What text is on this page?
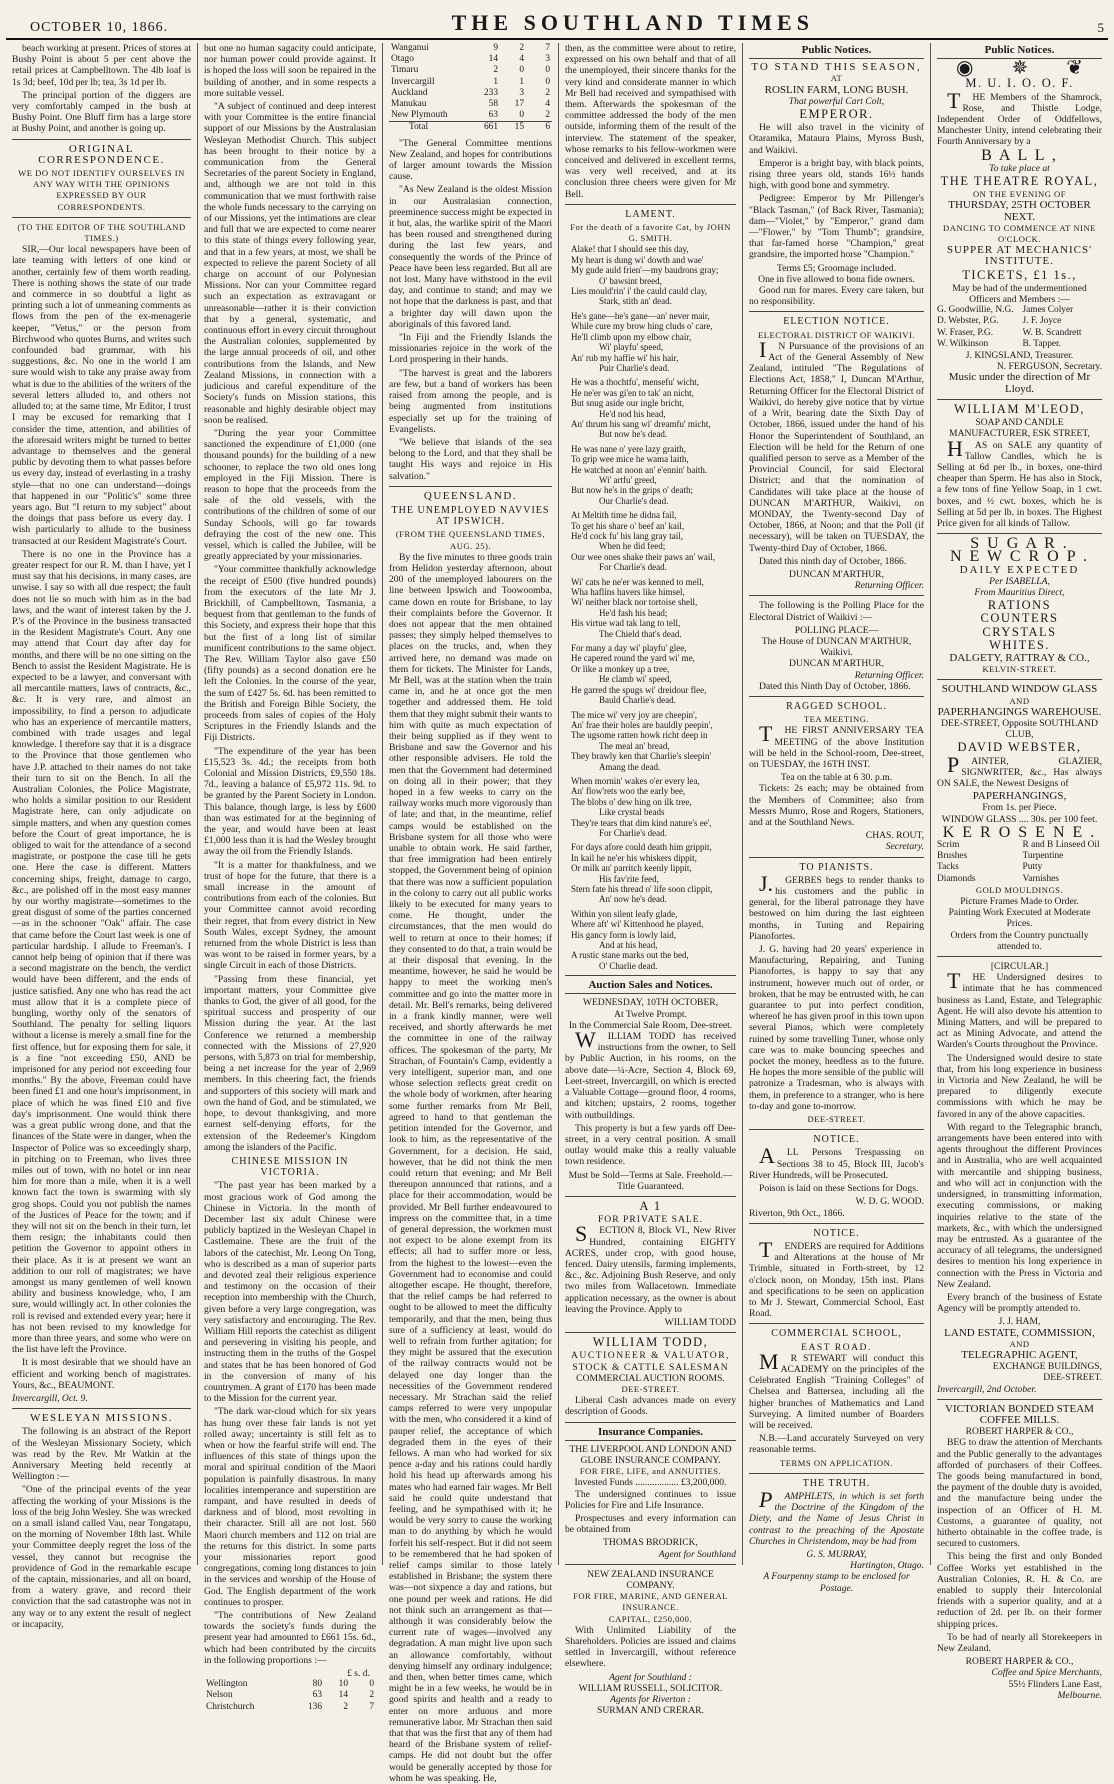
OCTOBER 10, 1866.	THE SOUTHLAND TIMES	5

beach working at present. Prices of stores at Bushy Point is about 5 per cent above the retail prices at Campbelltown. The 4lb loaf is 1s 3d; beef, 10d per lb; tea, 3s 1d per lb.

The principal portion of the diggers are very comfortably camped in the bush at Bushy Point. One Bluff firm has a large store at Bushy Point, and another is going up.

ORIGINAL CORRESPONDENCE.
WE DO NOT IDENTIFY OURSELVES IN ANY WAY WITH THE OPINIONS EXPRESSED BY OUR CORRESPONDENTS.
(TO THE EDITOR OF THE SOUTHLAND TIMES.)

SIR,—Our local newspapers have been of late teaming with letters of one kind or another, certainly few of them worth reading. There is nothing shows the state of our trade and commerce in so doubtful a light as printing such a lot of unmeaning comments as flows from the pen of the ex-menagerie keeper, "Vetus," or the person from Birchwood who quotes Burns, and writes such confounded bad grammar, with his suggestions, &c. No one in the world I am sure would wish to take any praise away from what is due to the abilities of the writers of the several letters alluded to, and others not alluded to; at the same time, Mr Editor, I trust I may be excused for remarking that I consider the time, attention, and abilities of the aforesaid writers might be turned to better advantage to themselves and the general public by devoting them to what passes before us every day, instead of everlasting in a trashy style—that no one can understand—doings that happened in our "Politic's" some three years ago. But "I return to my subject" about the doings that pass before us every day. I wish particularly to allude to the business transacted at our Resident Magistrate's Court.

There is no one in the Province has a greater respect for our R. M. than I have, yet I must say that his decisions, in many cases, are unwise. I say so with all due respect; the fault does not lie so much with him as in the bad laws, and the want of interest taken by the J. P.'s of the Province in the business transacted in the Resident Magistrate's Court. Any one may attend that Court day after day for months, and there will be no one sitting on the Bench to assist the Resident Magistrate. He is expected to be a lawyer, and conversant with all mercantile matters, laws of contracts, &c., &c. It is very rare, and almost an impossibility, to find a person to adjudicate who has an experience of mercantile matters, combined with trade usages and legal knowledge. I therefore say that it is a disgrace to the Province that those gentlemen who have J.P. attached to their names do not take their turn to sit on the Bench. In all the Australian Colonies, the Police Magistrate, who holds a similar position to our Resident Magistrate here, can only adjudicate on simple matters, and when any question comes before the Court of great importance, he is obliged to wait for the attendance of a second magistrate, or postpone the case till he gets one. Here the case is different. Matters concerning ships, freight, damage to cargo, &c., are polished off in the most easy manner by our worthy magistrate—sometimes to the great disgust of some of the parties concerned—as in the schooner "Oak" affair. The case that came before the Court last week is one of particular hardship. I allude to Freeman's. I cannot help being of opinion that if there was a second magistrate on the bench, the verdict would have been different, and the ends of justice satisfied. Any one who has read the act must allow that it is a complete piece of bungling, worthy only of the senators of Southland. The penalty for selling liquors without a license is merely a small fine for the first offence, but for exposing them for sale, it is a fine "not exceeding £50, AND be imprisoned for any period not exceeding four months." By the above, Freeman could have been fined £1 and one hour's imprisonment, in place of which he was fined £10 and five day's imprisonment. One would think there was a great public wrong done, and that the finances of the State were in danger, when the Inspector of Police was so exceedingly sharp, in pitching on to Freeman, who lives three miles out of town, with no hotel or inn near him for more than a mile, when it is a well known fact the town is swarming with sly grog shops. Could you not publish the names of the Justices of Peace for the town; and if they will not sit on the bench in their turn, let them resign; the inhabitants could then petition the Governor to appoint others in their place. As it is at present we want an addition to our roll of magistrates; we have amongst us many gentlemen of well known ability and business knowledge, who, I am sure, would willingly act. In other colonies the roll is revised and extended every year; here it has not been revised to my knowledge for more than three years, and some who were on the list have left the Province.

It is most desirable that we should have an efficient and working bench of magistrates. Yours, &c., BEAUMONT.

Invercargill, Oct. 9.

WESLEYAN MISSIONS.

The following is an abstract of the Report of the Wesleyan Missionary Society, which was read by the Rev. Mr Watkin at the Anniversary Meeting held recently at Wellington :—

"One of the principal events of the year affecting the working of your Missions is the loss of the brig John Wesley. She was wrecked on a small island called Vau, near Tongatapu, on the morning of November 18th last. While your Committee deeply regret the loss of the vessel, they cannot but recognise the providence of God in the remarkable escape of the captain, missionaries, and all on board, from a watery grave, and record their conviction that the sad catastrophe was not in any way or to any extent the result of neglect or incapacity,

but one no human sagacity could anticipate, nor human power could provide against. It is hoped the loss will soon be repaired in the building of another, and in some respects a more suitable vessel.

"A subject of continued and deep interest with your Committee is the entire financial support of our Missions by the Australasian Wesleyan Methodist Church. This subject has been brought to their notice by a communication from the General Secretaries of the parent Society in England, and, although we are not told in this communication that we must forthwith raise the whole funds necessary to the carrying on of our Missions, yet the intimations are clear and full that we are expected to come nearer to this state of things every following year, and that in a few years, at most, we shall be expected to relieve the parent Society of all charge on account of our Polynesian Missions. Nor can your Committee regard such an expectation as extravagant or unreasonable—rather it is their conviction that by a general, systematic, and continuous effort in every circuit throughout the Australian colonies, supplemented by the large annual proceeds of oil, and other contributions from the Islands, and New Zealand Missions, in connection with a judicious and careful expenditure of the Society's funds on Mission stations, this reasonable and highly desirable object may soon be realised.

"During the year your Committee sanctioned the expenditure of £1,000 (one thousand pounds) for the building of a new schooner, to replace the two old ones long employed in the Fiji Mission. There is reason to hope that the proceeds from the sale of the old vessels, with the contributions of the children of some of our Sunday Schools, will go far towards defraying the cost of the new one. This vessel, which is called the Jubilee, will be greatly appreciated by your missionaries.

"Your committee thankfully acknowledge the receipt of £500 (five hundred pounds) from the executors of the late Mr J. Brickhill, of Campbelltown, Tasmania, a bequest from that gentleman to the funds of this Society, and express their hope that this but the first of a long list of similar munificent contributions to the same object. The Rev. William Taylor also gave £50 (fifty pounds) as a second donation ere he left the Colonies. In the course of the year, the sum of £427 5s. 6d. has been remitted to the British and Foreign Bible Society, the proceeds from sales of copies of the Holy Scriptures in the Friendly Islands and the Fiji Districts.

"The expenditure of the year has been £15,523 3s. 4d.; the receipts from both Colonial and Mission Districts, £9,550 18s. 7d., leaving a balance of £5,972 11s. 9d. to be granted by the Parent Society in London. This balance, though large, is less by £600 than was estimated for at the beginning of the year, and would have been at least £1,000 less than it is had the Wesley brought away the oil from the Friendly Islands.

"It is a matter for thankfulness, and we trust of hope for the future, that there is a small increase in the amount of contributions from each of the colonies. But your Committee cannot avoid recording their regret, that from every district in New South Wales, except Sydney, the amount returned from the whole District is less than was wont to be raised in former years, by a single Circuit in each of those Districts.

"Passing from these financial, yet important matters, your Committee give thanks to God, the giver of all good, for the spiritual success and prosperity of our Mission during the year. At the last Conference we returned a membership connected with the Missions of 27,920 persons, with 5,873 on trial for membership, being a net increase for the year of 2,969 members. In this cheering fact, the friends and supporters of this society will mark and own the hand of God, and be stimulated, we hope, to devout thanksgiving, and more earnest self-denying efforts, for the extension of the Redeemer's Kingdom among the islanders of the Pacific.

CHINESE MISSION IN VICTORIA.

"The past year has been marked by a most gracious work of God among the Chinese in Victoria. In the month of December last six adult Chinese were publicly baptized in the Wesleyan Chapel in Castlemaine. These are the fruit of the labors of the catechist, Mr. Leong On Tong, who is described as a man of superior parts and devoted zeal their religious experience and testimony on the occasion of their reception into membership with the Church, given before a very large congregation, was very satisfactory and encouraging. The Rev. William Hill reports the catechist as diligent and persevering in visiting his people, and instructing them in the truths of the Gospel and states that he has been honored of God in the conversion of many of his countrymen. A grant of £170 has been made to the Mission for the current year.

"The dark war-cloud which for six years has hung over these fair lands is not yet rolled away; uncertainty is still felt as to when or how the fearful strife will end. The influences of this state of things upon the moral and spiritual condition of the Maori population is painfully disastrous. In many localities intemperance and superstition are rampant, and have resulted in deeds of darkness and of blood, most revolting in their character. Still all are not lost. 560 Maori church members and 112 on trial are the returns for this district. In some parts your missionaries report good congregations, coming long distances to join in the services and worship of the House of God. The English department of the work continues to prosper.

"The contributions of New Zealand towards the society's funds during the present year had amounted to £661 15s. 6d., which had been contributed by the circuits in the following proportions :—

£ s. d.
Wellington	80	10	0
Nelson	63	14	2
Christchurch	136	2	7
Wanganui	9	2	7
Otago	14	4	3
Timaru	2	0	0
Invercargill	1	1	0
Auckland	233	3	2
Manukau	58	17	4
New Plymouth	63	0	2
Total	661	15	6

"The General Committee mentions New Zealand, and hopes for contributions of larger amount towards the Mission cause.

"As New Zealand is the oldest Mission in our Australasian connection, preeminence success might be expected in it but, alas, the warlike spirit of the Maori has been roused and strengthened during during the last few years, and consequently the words of the Prince of Peace have been less regarded. But all are not lost. Many have withstood in the evil day, and continue to stand; and may we not hope that the darkness is past, and that a brighter day will dawn upon the aboriginals of this favored land.

"In Fiji and the Friendly Islands the missionaries rejoice in the work of the Lord prospering in their hands.

"The harvest is great and the laborers are few, but a band of workers has been raised from among the people, and is being augmented from institutions especially set up for the training of Evangelists.

"We believe that islands of the sea belong to the Lord, and that they shall be taught His ways and rejoice in His salvation."

QUEENSLAND.
THE UNEMPLOYED NAVVIES AT IPSWICH.
(FROM THE QUEENSLAND TIMES, AUG. 25).

By the five minutes to three goods train from Helidon yesterday afternoon, about 200 of the unemployed labourers on the line between Ipswich and Toowoomba, came down en route for Brisbane, to lay their complaints before the Governor. It does not appear that the men obtained passes; they simply helped themselves to places on the trucks, and, when they arrived here, no demand was made on them for tickets. The Minister for Lands, Mr Bell, was at the station when the train came in, and he at once got the men together and addressed them. He told them that they might submit their wants to him with quite as much expectation of their being supplied as if they went to Brisbane and saw the Governor and his other responsible advisers. He told the men that the Government had determined on doing all in their power; that they hoped in a few weeks to carry on the railway works much more vigorously than of late; and that, in the meantime, relief camps would be established on the Brisbane system for all those who were unable to obtain work. He said farther, that free immigration had been entirely stopped, the Government being of opinion that there was now a sufficient population in the colony to carry out all public works likely to be executed for many years to come. He thought, under the circumstances, that the men would do well to return at once to their homes; if they consented to do that, a train would be at their disposal that evening. In the meantime, however, he said he would be happy to meet the working men's committee and go into the matter more in detail. Mr. Bell's remarks, being delivered in a frank kindly manner, were well received, and shortly afterwards he met the committee in one of the railway offices. The spokesman of the party, Mr Strachan, of Fountain's Camp, evidently a very intelligent, superior man, and one whose selection reflects great credit on the whole body of workmen, after hearing some further remarks from Mr Bell, agreed to hand to that gentleman the petition intended for the Governor, and look to him, as the representative of the Government, for a decision. He said, however, that he did not think the men could return that evening; and Mr Bell thereupon announced that rations, and a place for their accommodation, would be provided. Mr Bell further endeavoured to impress on the committee that, in a time of general depression, the workmen must not expect to be alone exempt from its effects; all had to suffer more or less, from the highest to the lowest—even the Government had to economise and could altogether escape. He thought, therefore, that the relief camps be had referred to ought to be allowed to meet the difficulty temporarily, and that the men, being thus sure of a sufficiency at least, would do well to refrain from further agitation; for they might be assured that the execution of the railway contracts would not be delayed one day longer than the necessities of the Government rendered necessary. Mr Strachan said the relief camps referred to were very unpopular with the men, who considered it a kind of pauper relief, the acceptance of which degraded them in the eyes of their fellows. A man who had worked for six pence a-day and his rations could hardly hold his head up afterwards among his mates who had earned fair wages. Mr Bell said he could quite understand that feeling, and he sympathised with it; he would be very sorry to cause the working man to do anything by which he would forfeit his self-respect. But it did not seem to be remembered that he had spoken of relief camps similar to those lately established in Brisbane; the system there was—not sixpence a day and rations, but one pound per week and rations. He did not think such an arrangement as that—although it was considerably below the current rate of wages—involved any degradation. A man might live upon such an allowance comfortably, without denying himself any ordinary indulgence; and then, when better times came, which might be in a few weeks, he would be in good spirits and health and a ready to enter on more arduous and more remunerative labor. Mr Strachan then said that that was the first that any of them had heard of the Brisbane system of relief-camps. He did not doubt but the offer would be generally accepted by those for whom he was speaking. He,

then, as the committee were about to retire, expressed on his own behalf and that of all the unemployed, their sincere thanks for the very kind and considerate manner in which Mr Bell had received and sympathised with them. Afterwards the spokesman of the committee addressed the body of the men outside, informing them of the result of the interview. The statement of the speaker, whose remarks to his fellow-workmen were conceived and delivered in excellent terms, was very well received, and at its conclusion three cheers were given for Mr Bell.

LAMENT.
For the death of a favorite Cat, by JOHN G. SMITH.
Alake! that I should see this day,
My heart is dung wi' dowth and wae'
My gude auld frien'—my baudrons gray;
O' bawsint breed,
Lies mould'rin' i' the cauld cauld clay,
Stark, stith an' dead.
He's gane—he's gane—an' never mair,
While cure my brow hing cluds o' care,
He'll climb upon my elbow chair,
Wi' playfu' speed,
An' rub my haffie wi' his hair,
Puir Charlie's dead.
He was a thochtfu', mensefu' wicht,
He ne'er was gi'en to tak' an nicht,
But snug aside our ingle bricht,
He'd nod his head,
An' thrum his sang wi' dreamfu' micht,
But now he's dead.
He was nane o' yere lazy graith,
To grip wee mice he wama laith,
He watched at noon an' e'ennin' baith.
Wi' artfu' greed,
But now he's in the grips o' death;
Our Charlie's dead.
At Meltith time he didna fail,
To get his share o' beef an' kail,
He'd cock fu' his lang gray tail,
When he did feed;
Our wee ones shake their paws an' wail,
For Charlie's dead.
Wi' cats he ne'er was kenned to mell,
Wha haflins havers like himsel,
Wi' neither black nor tortoise shell,
He'd fash his head;
His virtue wad tak lang to tell,
The Chield that's dead.
For many a day wi' playfu' glee,
He capered round the yard wi' me,
Or like a monkey up a tree,
He clamb wi' speed,
He garred the spugs wi' dreidour flee,
Bauld Charlie's dead.
The mice wi' very joy are cheepin',
An' frae their holes are bauldly peepin',
The ugsome ratten howk richt deep in
The meal an' bread,
They brawly ken that Charlie's sleepin'
Amang the dead.
When mornin' wakes o'er every lea,
An' flow'rets woo the early bee,
The blobs o' dew hing on ilk tree,
Like crystal beads
They're tears that dim kind nature's ee',
For Charlie's dead.
For days afore could death him grippit,
In kail he ne'er his whiskers dippit,
Or milk an' parritch keenly lippit,
His fav'rite feed,
Stern fate his thread o' life soon clippit,
An' now he's dead.
Within yon silent leafy glade,
Where aft' wi' Kittenhood he played,
His gancy form is lowly laid,
And at his head,
A rustic stane marks out the bed,
O' Charlie dead.
Auction Sales and Notices.
WEDNESDAY, 10TH OCTOBER,
At Twelve Prompt.
In the Commercial Sale Room, Dee-street.

WILLIAM TODD has received instructions from the owner, to Sell by Public Auction, in his rooms, on the above date—¼-Acre, Section 4, Block 69, Leet-street, Invercargill, on which is erected a Valuable Cottage—ground floor, 4 rooms, and kitchen; upstairs, 2 rooms, together with outbuildings.

This property is but a few yards off Dee-street, in a very central position. A small outlay would make this a really valuable town residence.

Must be Sold—Terms at Sale. Freehold.—Title Guaranteed.
A 1
FOR PRIVATE SALE.

SECTION 8, Block VI., New River Hundred, containing EIGHTY ACRES, under crop, with good house, fenced. Dairy utensils, farming implements, &c., &c. Adjoining Bush Reserve, and only two miles from Wallacetown. Immediate application necessary, as the owner is about leaving the Province. Apply to

WILLIAM TODD
WILLIAM TODD,
AUCTIONEER & VALUATOR,
STOCK & CATTLE SALESMAN
COMMERCIAL AUCTION ROOMS.
DEE-STREET.

Liberal Cash advances made on every description of Goods.

Insurance Companies.
THE LIVERPOOL AND LONDON AND GLOBE INSURANCE COMPANY.
FOR FIRE, LIFE, and ANNUITIES.
Invested Funds .................. £3,200,000.

The undersigned continues to issue Policies for Fire and Life Insurance.

Prospectuses and every information can be obtained from

THOMAS BRODRICK,
Agent for Southland
NEW ZEALAND INSURANCE COMPANY.
FOR FIRE, MARINE, AND GENERAL INSURANCE.
CAPITAL, £250,000.

With Unlimited Liability of the Shareholders. Policies are issued and claims settled in Invercargill, without reference elsewhere.

Agent for Southland :
WILLIAM RUSSELL, SOLICITOR.
Agents for Riverton :
SURMAN AND CRERAR.
Public Notices.
TO STAND THIS SEASON,
AT
ROSLIN FARM, LONG BUSH.
That powerful Cart Colt,
EMPEROR.

He will also travel in the vicinity of Otaramika, Mataura Plains, Myross Bush, and Waikivi.

Emperor is a bright bay, with black points, rising three years old, stands 16½ hands high, with good bone and symmetry.

Pedigree: Emperor by Mr Pillenger's "Black Tasman," (of Back River, Tasmania); dam—"Violet," by "Emperor," grand dam—"Flower," by "Tom Thumb"; grandsire, that far-famed horse "Champion," great grandsire, the imported horse "Champion."

Terms £5; Groomage included.
One in five allowed to bona fide owners.

Good run for mares. Every care taken, but no responsibility.

ELECTION NOTICE.
ELECTORAL DISTRICT OF WAIKIVI.

IN Pursuance of the provisions of an Act of the General Assembly of New Zealand, intituled "The Regulations of Elections Act, 1858," I, Duncan M'Arthur, Returning Officer for the Electoral District of Waikivi, do hereby give notice that by virtue of a Writ, bearing date the Sixth Day of October, 1866, issued under the hand of his Honor the Superintendent of Southland, an Election will be held for the Return of one qualified person to serve as a Member of the Provincial Council, for said Electoral District; and that the nomination of Candidates will take place at the house of DUNCAN M'ARTHUR, Waikivi, on MONDAY, the Twenty-second Day of October, 1866, at Noon; and that the Poll (if necessary), will be taken on TUESDAY, the Twenty-third Day of October, 1866.

Dated this ninth day of October, 1866.

DUNCAN M'ARTHUR,
Returning Officer.

The following is the Polling Place for the Electoral District of Waikivi :—

POLLING PLACE—
The House of DUNCAN M'ARTHUR, Waikivi.
DUNCAN M'ARTHUR,
Returning Officer.

Dated this Ninth Day of October, 1866.

RAGGED SCHOOL.
TEA MEETING.

THE FIRST ANNIVERSARY TEA MEETING of the above Institution will be held in the School-room, Dee-street, on TUESDAY, the 16TH INST.

Tea on the table at 6 30. p.m.

Tickets: 2s each; may be obtained from the Members of Committee; also from Messrs Munro, Rose and Rogers, Stationers, and at the Southland News.

CHAS. ROUT,
Secretary.
TO PIANISTS.

J.GERBES begs to render thanks to his customers and the public in general, for the liberal patronage they have bestowed on him during the last eighteen months, in Tuning and Repairing Pianofortes.

J. G. having had 20 years' experience in Manufacturing, Repairing, and Tuning Pianofortes, is happy to say that any instrument, however much out of order, or broken, that he may be entrusted with, he can guarantee to put into perfect condition, whereof he has given proof in this town upon several Pianos, which were completely ruined by some travelling Tuner, whose only care was to make bouncing speeches and pocket the money, heedless as to the future. He hopes the more sensible of the public will patronize a Tradesman, who is always with them, in preference to a stranger, who is here to-day and gone to-morrow.

DEE-STREET.
NOTICE.

ALL Persons Trespassing on Sections 38 to 45, Block III, Jacob's River Hundreds, will be Prosecuted.

Poison is laid on these Sections for Dogs.

W. D. G. WOOD.
Riverton, 9th Oct., 1866.
NOTICE.

TENDERS are required for Additions and Alterations at the house of Mr Trimble, situated in Forth-street, by 12 o'clock noon, on Monday, 15th inst. Plans and specifications to be seen on application to Mr J. Stewart, Commercial School, East Road.

COMMERCIAL SCHOOL,
EAST ROAD.

MR STEWART will conduct this ACADEMY on the principles of the Celebrated English "Training Colleges" of Chelsea and Battersea, including all the higher branches of Mathematics and Land Surveying. A limited number of Boarders will be received.

N.B.—Land accurately Surveyed on very reasonable terms.

TERMS ON APPLICATION.
THE TRUTH.

PAMPHLETS, in which is set forth the Doctrine of the Kingdom of the Diety, and the Name of Jesus Christ in contrast to the preaching of the Apostate Churches in Christendom, may be had from

G. S. MURRAY,
Hartington, Otago.
A Fourpenny stamp to be enclosed for Postage.
Public Notices.
◉ ✵ ❦
M. U. I. O. O. F.

THE Members of the Shamrock, Rose, and Thistle Lodge, Independent Order of Oddfellows, Manchester Unity, intend celebrating their Fourth Anniversary by a

B A L L ,
To take place at
THE THEATRE ROYAL,
ON THE EVENING OF
THURSDAY, 25TH OCTOBER NEXT.
DANCING TO COMMENCE AT NINE O'CLOCK.
SUPPER AT MECHANICS' INSTITUTE.
TICKETS, £1 1s.,
May be had of the undermentioned Officers and Members :—
G. Goodwillie, N.G. James Colyer
D. Webster, P.G.	J. F. Joyce
W. Fraser, P.G.	W. B. Scandrett
W. Wilkinson	B. Tapper.
J. KINGSLAND, Treasurer.
N. FERGUSON, Secretary.
Music under the direction of Mr Lloyd.
WILLIAM M'LEOD,
SOAP AND CANDLE MANUFACTURER, ESK STREET,

HAS on SALE any quantity of Tallow Candles, which he is Selling at 6d per lb., in boxes, one-third cheaper than Sperm. He has also in Stock, a few tons of fine Yellow Soap, in 1 cwt. boxes, and ½ cwt. boxes, which he is Selling at 5d per lb. in boxes. The Highest Price given for all kinds of Tallow.

S U G A R .
N E W C R O P .
DAILY EXPECTED
Per ISABELLA,
From Mauritius Direct,
RATIONS
COUNTERS
CRYSTALS
WHITES.
DALGETY, RATTRAY & CO.,
KELVIN-STREET.
SOUTHLAND WINDOW GLASS
AND
PAPERHANGINGS WAREHOUSE.
DEE-STREET, Opposite SOUTHLAND CLUB,
DAVID WEBSTER,

PAINTER, GLAZIER, SIGNWRITER, &c., Has always ON SALE, the Newest Designs of

PAPERHANGINGS,
From 1s. per Piece.
WINDOW GLASS .... 30s. per 100 feet.
K E R O S E N E .
Scrim	R and B Linseed Oil
Brushes	Turpentine
Tacks	Putty
Diamonds	Varnishes
GOLD MOULDINGS.
Picture Frames Made to Order.
Painting Work Executed at Moderate Prices.
Orders from the Country punctually attended to.
[CIRCULAR.]

THE Undersigned desires to intimate that he has commenced business as Land, Estate, and Telegraphic Agent. He will also devote his attention to Mining Matters, and will be prepared to act as Mining Advocate, and attend the Warden's Courts throughout the Province.

The Undersigned would desire to state that, from his long experience in business in Victoria and New Zealand, he will be prepared to diligently execute commissions with which he may be favored in any of the above capacities.

With regard to the Telegraphic branch, arrangements have been entered into with agents throughout the different Provinces and in Australia, who are well acquainted with mercantile and shipping business, and who will act in conjunction with the undersigned, in transmitting information, executing commissions, or making inquiries relative to the state of the markets, &c., with which the undersigned may be entrusted. As a guarantee of the accuracy of all telegrams, the undersigned desires to mention his long experience in connection with the Press in Victoria and New Zealand.

Every branch of the business of Estate Agency will be promptly attended to.

J. J. HAM,
LAND ESTATE, COMMISSION,
AND
TELEGRAPHIC AGENT,
EXCHANGE BUILDINGS,
DEE-STREET.
Invercargill, 2nd October.
VICTORIAN BONDED STEAM COFFEE MILLS.
ROBERT HARPER & CO.,

BEG to draw the attention of Merchants and the Public generally to the advantages afforded of purchasers of their Coffees. The goods being manufactured in bond, the payment of the double duty is avoided, and the manufacture being under the inspection of an Officer of H. M. Customs, a guarantee of quality, not hitherto obtainable in the coffee trade, is secured to customers.

This being the first and only Bonded Coffee Works yet established in the Australian Colonies, R. H. & Co. are enabled to supply their Intercolonial friends with a superior quality, and at a reduction of 2d. per lb. on their former shipping prices.

To be had of nearly all Storekeepers in New Zealand.

ROBERT HARPER & CO.,
Coffee and Spice Merchants,
55½ Flinders Lane East,
Melbourne.
